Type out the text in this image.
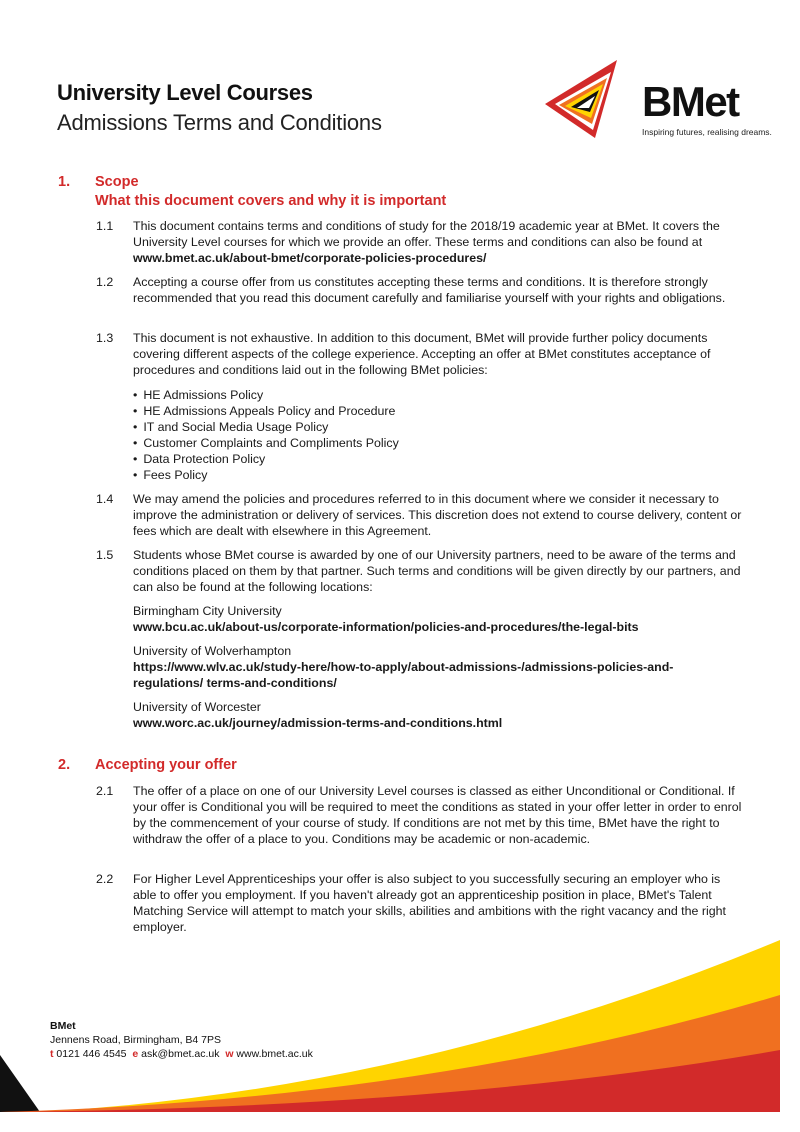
University Level Courses
Admissions Terms and Conditions	BMet
Inspiring futures, realising dreams.
1. Scope
What this document covers and why it is important
1.1 This document contains terms and conditions of study for the 2018/19 academic year at BMet. It covers the University Level courses for which we provide an offer. These terms and conditions can also be found at www.bmet.ac.uk/about-bmet/corporate-policies-procedures/
1.2 Accepting a course offer from us constitutes accepting these terms and conditions. It is therefore strongly recommended that you read this document carefully and familiarise yourself with your rights and obligations.
1.3 This document is not exhaustive. In addition to this document, BMet will provide further policy documents covering different aspects of the college experience. Accepting an offer at BMet constitutes acceptance of procedures and conditions laid out in the following BMet policies:
• HE Admissions Policy
• HE Admissions Appeals Policy and Procedure
• IT and Social Media Usage Policy
• Customer Complaints and Compliments Policy
• Data Protection Policy
• Fees Policy
1.4 We may amend the policies and procedures referred to in this document where we consider it necessary to improve the administration or delivery of services. This discretion does not extend to course delivery, content or fees which are dealt with elsewhere in this Agreement.
1.5 Students whose BMet course is awarded by one of our University partners, need to be aware of the terms and conditions placed on them by that partner. Such terms and conditions will be given directly by our partners, and can also be found at the following locations:
Birmingham City University
www.bcu.ac.uk/about-us/corporate-information/policies-and-procedures/the-legal-bits
University of Wolverhampton
https://www.wlv.ac.uk/study-here/how-to-apply/about-admissions-/admissions-policies-and-regulations/ terms-and-conditions/
University of Worcester
www.worc.ac.uk/journey/admission-terms-and-conditions.html
2. Accepting your offer
2.1 The offer of a place on one of our University Level courses is classed as either Unconditional or Conditional. If your offer is Conditional you will be required to meet the conditions as stated in your offer letter in order to enrol by the commencement of your course of study. If conditions are not met by this time, BMet have the right to withdraw the offer of a place to you. Conditions may be academic or non-academic.
2.2 For Higher Level Apprenticeships your offer is also subject to you successfully securing an employer who is able to offer you employment. If you haven't already got an apprenticeship position in place, BMet's Talent Matching Service will attempt to match your skills, abilities and ambitions with the right vacancy and the right employer.
BMet
Jennens Road, Birmingham, B4 7PS
t 0121 446 4545 e ask@bmet.ac.uk w www.bmet.ac.uk
